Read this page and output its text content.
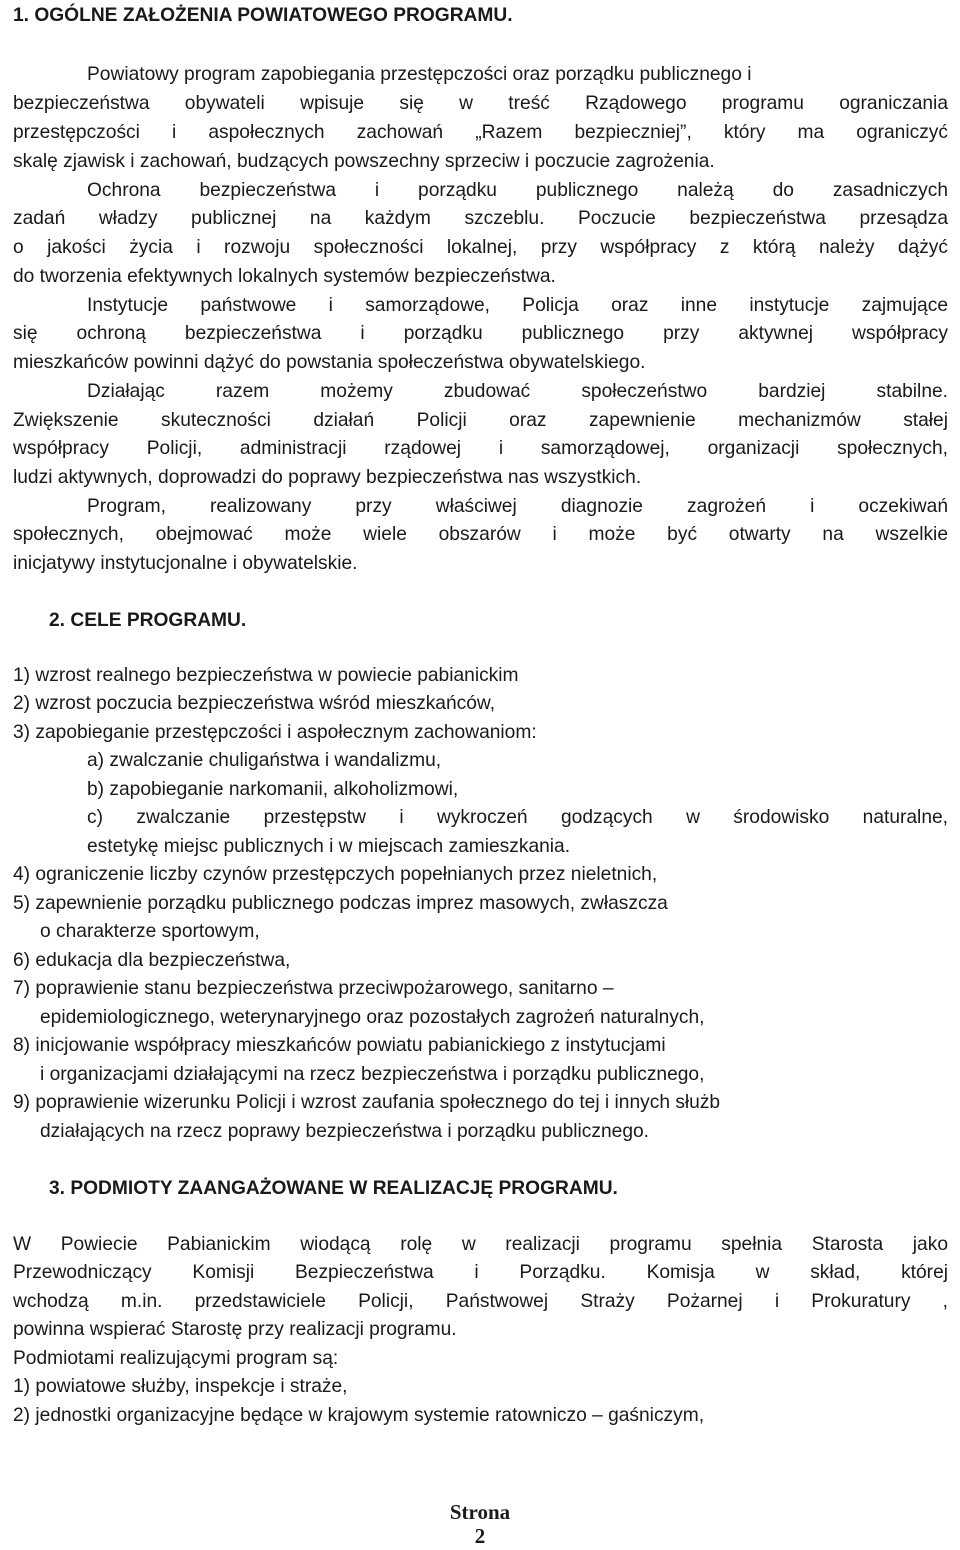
1. OGÓLNE ZAŁOŻENIA POWIATOWEGO PROGRAMU.
Powiatowy program zapobiegania przestępczości oraz porządku publicznego i
bezpieczeństwa obywateli wpisuje się w treść Rządowego programu ograniczania
przestępczości i aspołecznych zachowań „Razem bezpieczniej”, który ma ograniczyć
skalę zjawisk i zachowań, budzących powszechny sprzeciw i poczucie zagrożenia.
Ochrona bezpieczeństwa i porządku publicznego należą do zasadniczych
zadań władzy publicznej na każdym szczeblu. Poczucie bezpieczeństwa przesądza
o jakości życia i rozwoju społeczności lokalnej, przy współpracy z którą należy dążyć
do tworzenia efektywnych lokalnych systemów bezpieczeństwa.
Instytucje państwowe i samorządowe, Policja oraz inne instytucje zajmujące
się ochroną bezpieczeństwa i porządku publicznego przy aktywnej współpracy
mieszkańców powinni dążyć do powstania społeczeństwa obywatelskiego.
Działając razem możemy zbudować społeczeństwo bardziej stabilne.
Zwiększenie skuteczności działań Policji oraz zapewnienie mechanizmów stałej
współpracy Policji, administracji rządowej i samorządowej, organizacji społecznych,
ludzi aktywnych, doprowadzi do poprawy bezpieczeństwa nas wszystkich.
Program, realizowany przy właściwej diagnozie zagrożeń i oczekiwań
społecznych, obejmować może wiele obszarów i może być otwarty na wszelkie
inicjatywy instytucjonalne i obywatelskie.
2. CELE PROGRAMU.
1) wzrost realnego bezpieczeństwa w powiecie pabianickim
2) wzrost poczucia bezpieczeństwa wśród mieszkańców,
3) zapobieganie przestępczości i aspołecznym zachowaniom:
a) zwalczanie chuligaństwa i wandalizmu,
b) zapobieganie narkomanii, alkoholizmowi,
c) zwalczanie przestępstw i wykroczeń godzących w środowisko naturalne,
estetykę miejsc publicznych i w miejscach zamieszkania.
4) ograniczenie liczby czynów przestępczych popełnianych przez nieletnich,
5) zapewnienie porządku publicznego podczas imprez masowych, zwłaszcza
o charakterze sportowym,
6) edukacja dla bezpieczeństwa,
7) poprawienie stanu bezpieczeństwa przeciwpożarowego, sanitarno –
epidemiologicznego, weterynaryjnego oraz pozostałych zagrożeń naturalnych,
8) inicjowanie współpracy mieszkańców powiatu pabianickiego z instytucjami
i organizacjami działającymi na rzecz bezpieczeństwa i porządku publicznego,
9) poprawienie wizerunku Policji i wzrost zaufania społecznego do tej i innych służb
działających na rzecz poprawy bezpieczeństwa i porządku publicznego.
3. PODMIOTY ZAANGAŻOWANE W REALIZACJĘ PROGRAMU.
W Powiecie Pabianickim wiodącą rolę w realizacji programu spełnia Starosta jako
Przewodniczący Komisji Bezpieczeństwa i Porządku. Komisja w skład, której
wchodzą m.in. przedstawiciele Policji, Państwowej Straży Pożarnej i Prokuratury ,
powinna wspierać Starostę przy realizacji programu.
Podmiotami realizującymi program są:
1) powiatowe służby, inspekcje i straże,
2) jednostki organizacyjne będące w krajowym systemie ratowniczo – gaśniczym,
Strona
2
